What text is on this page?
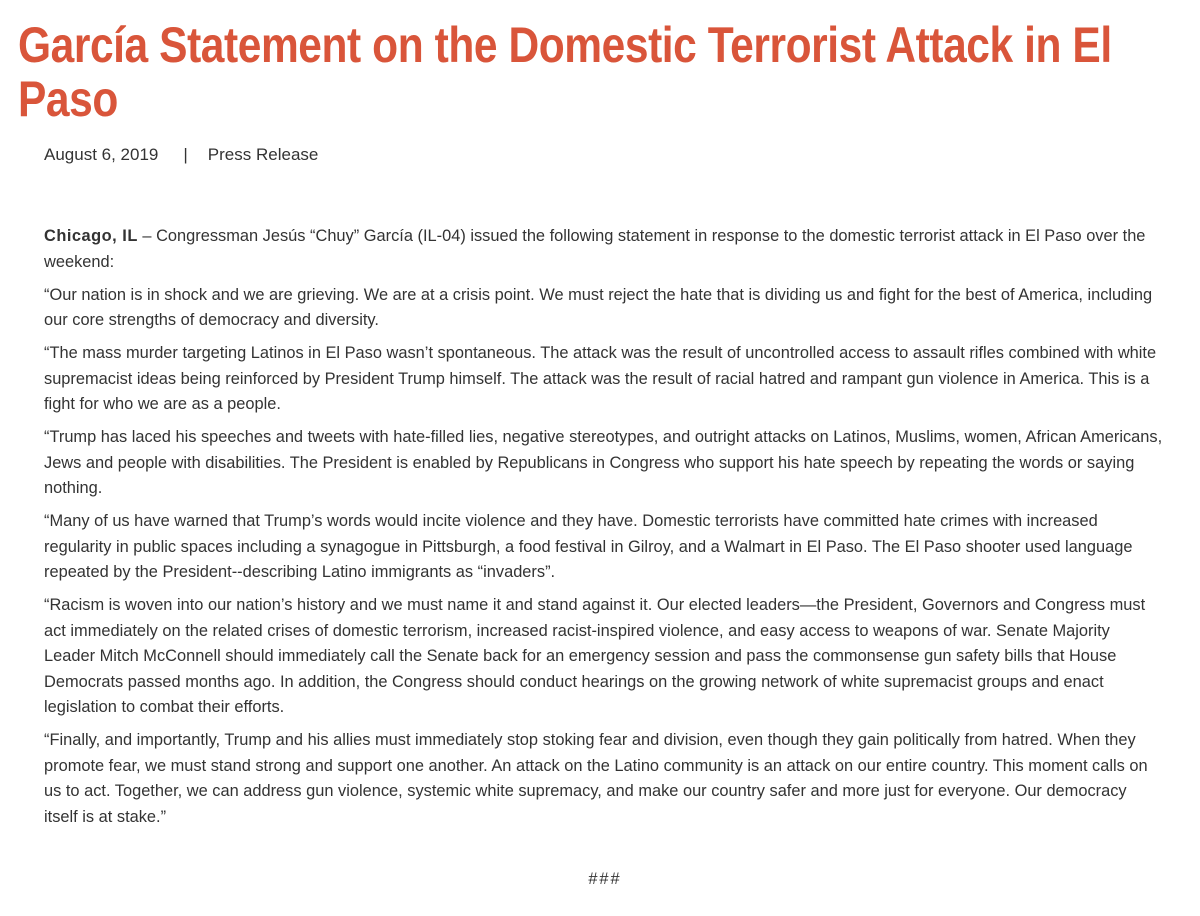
García Statement on the Domestic Terrorist Attack in El Paso
August 6, 2019 | Press Release

Chicago, IL – Congressman Jesús “Chuy” García (IL-04) issued the following statement in response to the domestic terrorist attack in El Paso over the weekend:

“Our nation is in shock and we are grieving. We are at a crisis point. We must reject the hate that is dividing us and fight for the best of America, including our core strengths of democracy and diversity.

“The mass murder targeting Latinos in El Paso wasn’t spontaneous. The attack was the result of uncontrolled access to assault rifles combined with white supremacist ideas being reinforced by President Trump himself. The attack was the result of racial hatred and rampant gun violence in America. This is a fight for who we are as a people.

“Trump has laced his speeches and tweets with hate-filled lies, negative stereotypes, and outright attacks on Latinos, Muslims, women, African Americans, Jews and people with disabilities. The President is enabled by Republicans in Congress who support his hate speech by repeating the words or saying nothing.

“Many of us have warned that Trump’s words would incite violence and they have. Domestic terrorists have committed hate crimes with increased regularity in public spaces including a synagogue in Pittsburgh, a food festival in Gilroy, and a Walmart in El Paso. The El Paso shooter used language repeated by the President--describing Latino immigrants as “invaders”.

“Racism is woven into our nation’s history and we must name it and stand against it. Our elected leaders—the President, Governors and Congress must act immediately on the related crises of domestic terrorism, increased racist-inspired violence, and easy access to weapons of war. Senate Majority Leader Mitch McConnell should immediately call the Senate back for an emergency session and pass the commonsense gun safety bills that House Democrats passed months ago. In addition, the Congress should conduct hearings on the growing network of white supremacist groups and enact legislation to combat their efforts.

“Finally, and importantly, Trump and his allies must immediately stop stoking fear and division, even though they gain politically from hatred. When they promote fear, we must stand strong and support one another. An attack on the Latino community is an attack on our entire country. This moment calls on us to act. Together, we can address gun violence, systemic white supremacy, and make our country safer and more just for everyone. Our democracy itself is at stake.”

###
